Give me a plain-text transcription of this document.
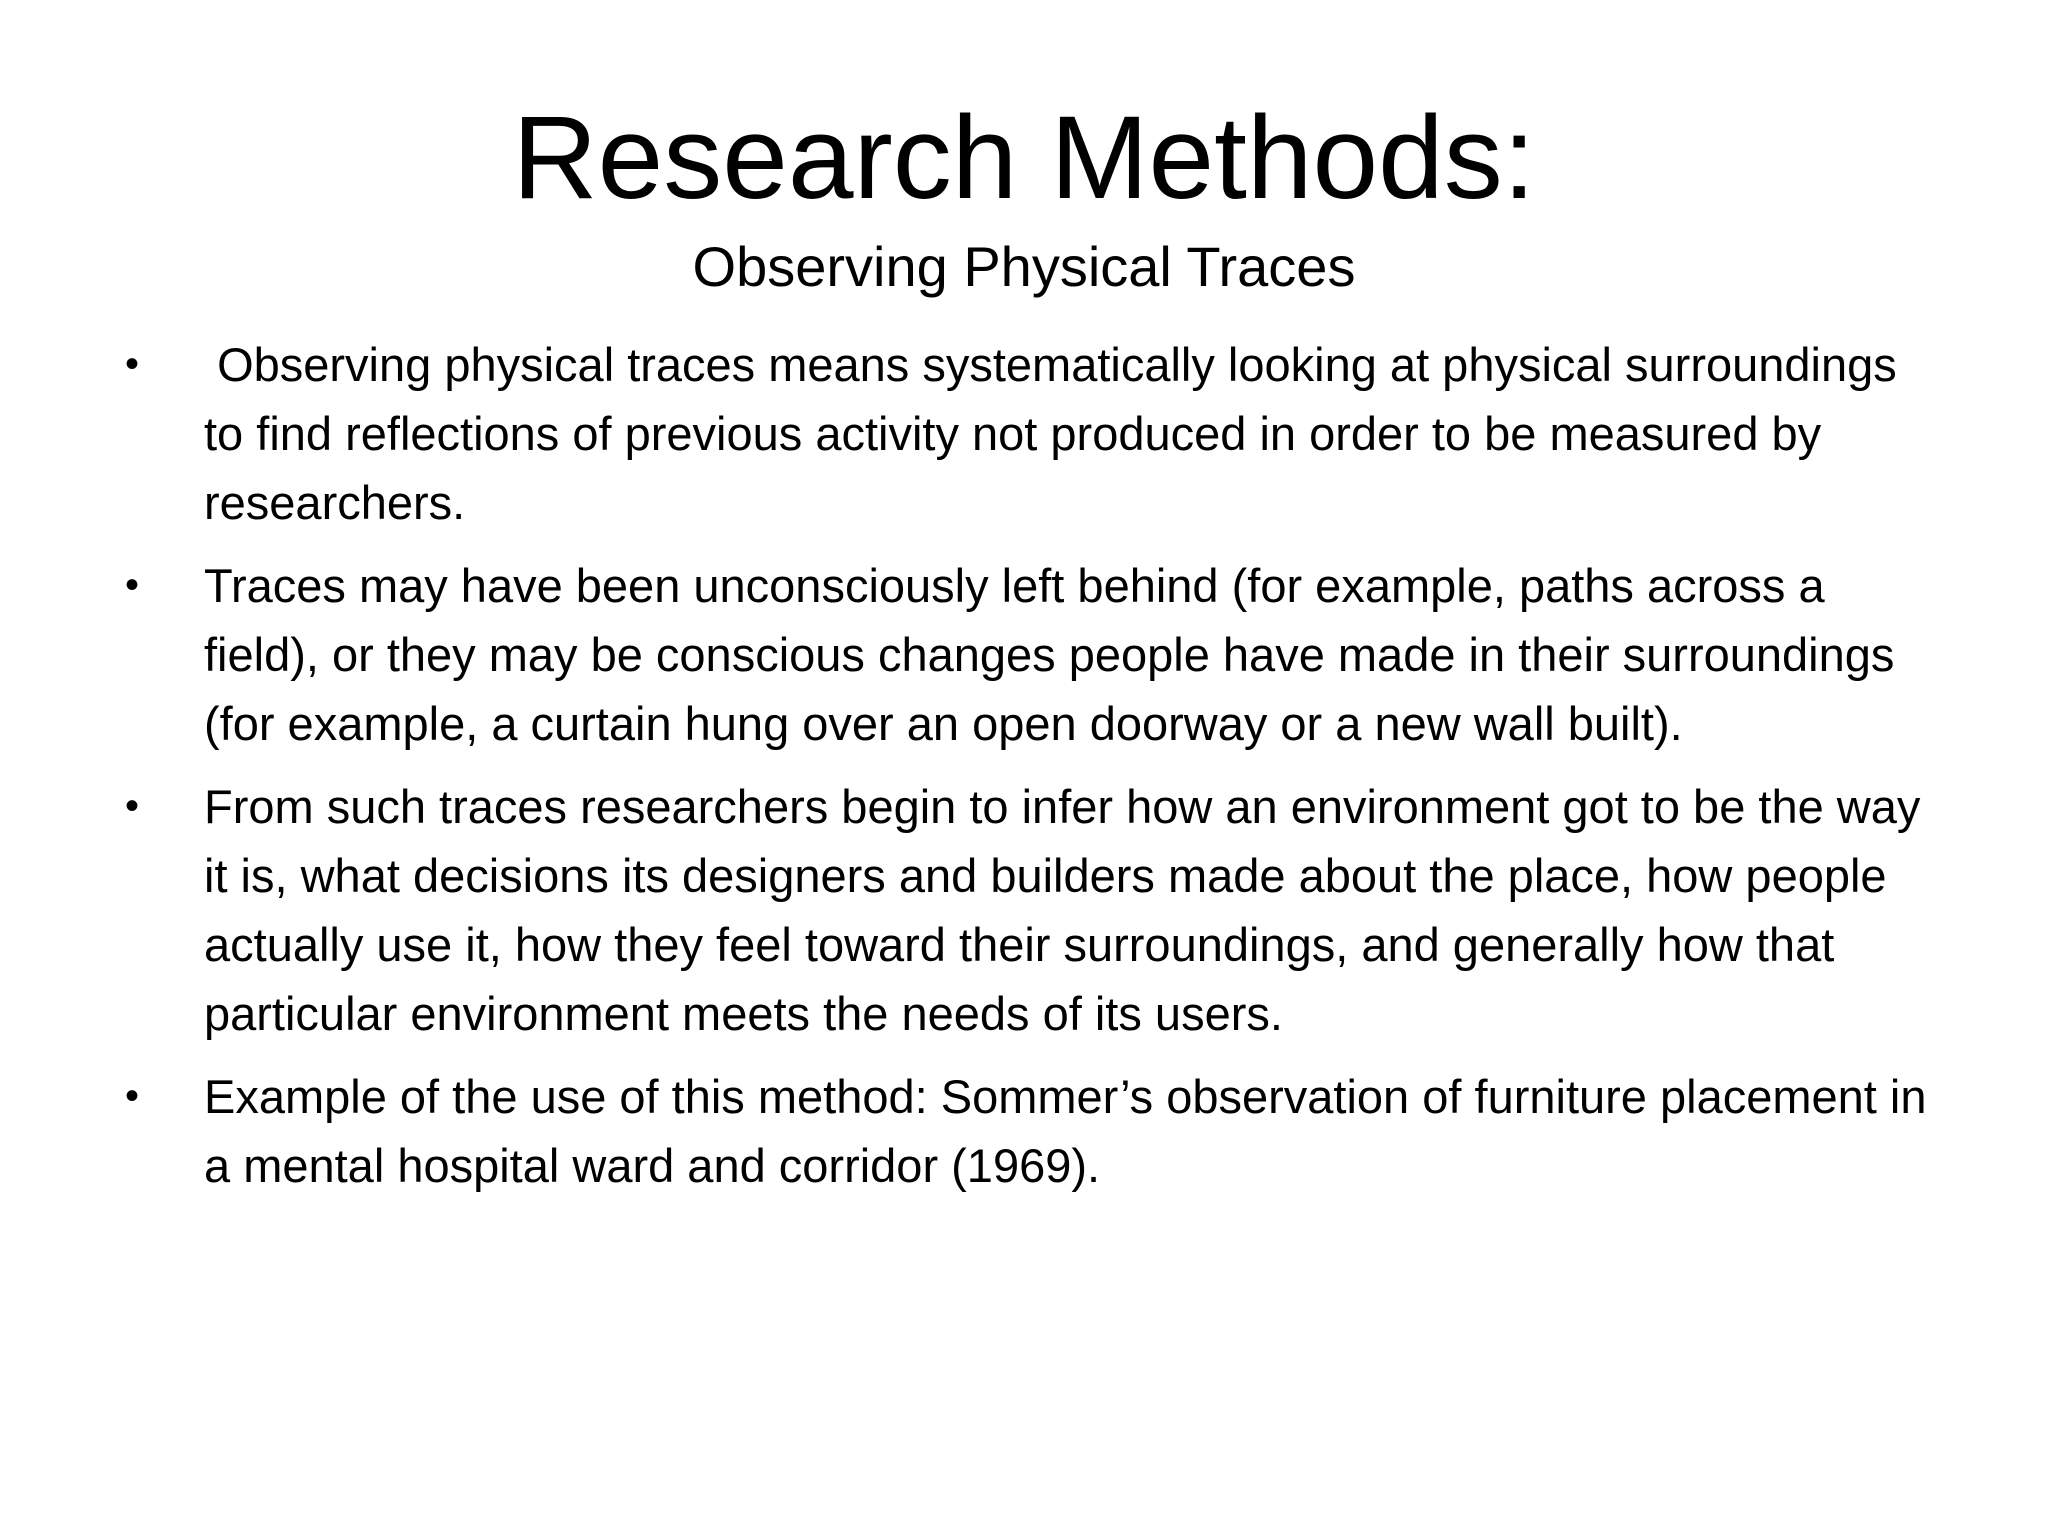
Research Methods:
Observing Physical Traces
• Observing physical traces means systematically looking at physical surroundings to find reflections of previous activity not produced in order to be measured by researchers.
• Traces may have been unconsciously left behind (for example, paths across a field), or they may be conscious changes people have made in their surroundings (for example, a curtain hung over an open doorway or a new wall built).
• From such traces researchers begin to infer how an environment got to be the way it is, what decisions its designers and builders made about the place, how people actually use it, how they feel toward their surroundings, and generally how that particular environment meets the needs of its users.
• Example of the use of this method: Sommer’s observation of furniture placement in a mental hospital ward and corridor (1969).
